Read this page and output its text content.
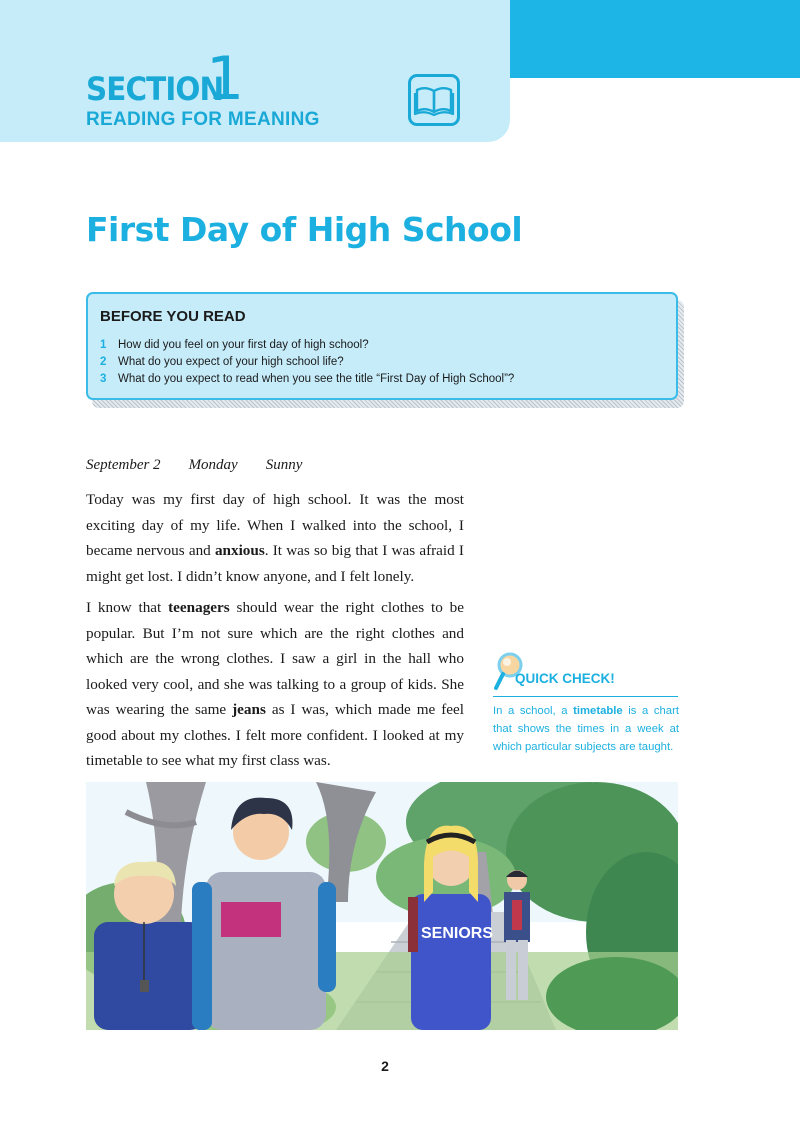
SECTION
1
READING FOR MEANING
First Day of High School
BEFORE YOU READ
1 How did you feel on your first day of high school?
2 What do you expect of your high school life?
3 What do you expect to read when you see the title “First Day of High School”?
September 2 Monday Sunny
Today was my first day of high school. It was the most exciting day of my life. When I walked into the school, I became nervous and anxious. It was so big that I was afraid I might get lost. I didn’t know anyone, and I felt lonely.
I know that teenagers should wear the right clothes to be popular. But I’m not sure which are the right clothes and which are the wrong clothes. I saw a girl in the hall who looked very cool, and she was talking to a group of kids. She was wearing the same jeans as I was, which made me feel good about my clothes. I felt more confident. I looked at my timetable to see what my first class was.
QUICK CHECK!
In a school, a timetable is a chart that shows the times in a week at which particular subjects are taught.
SENIORS
2
